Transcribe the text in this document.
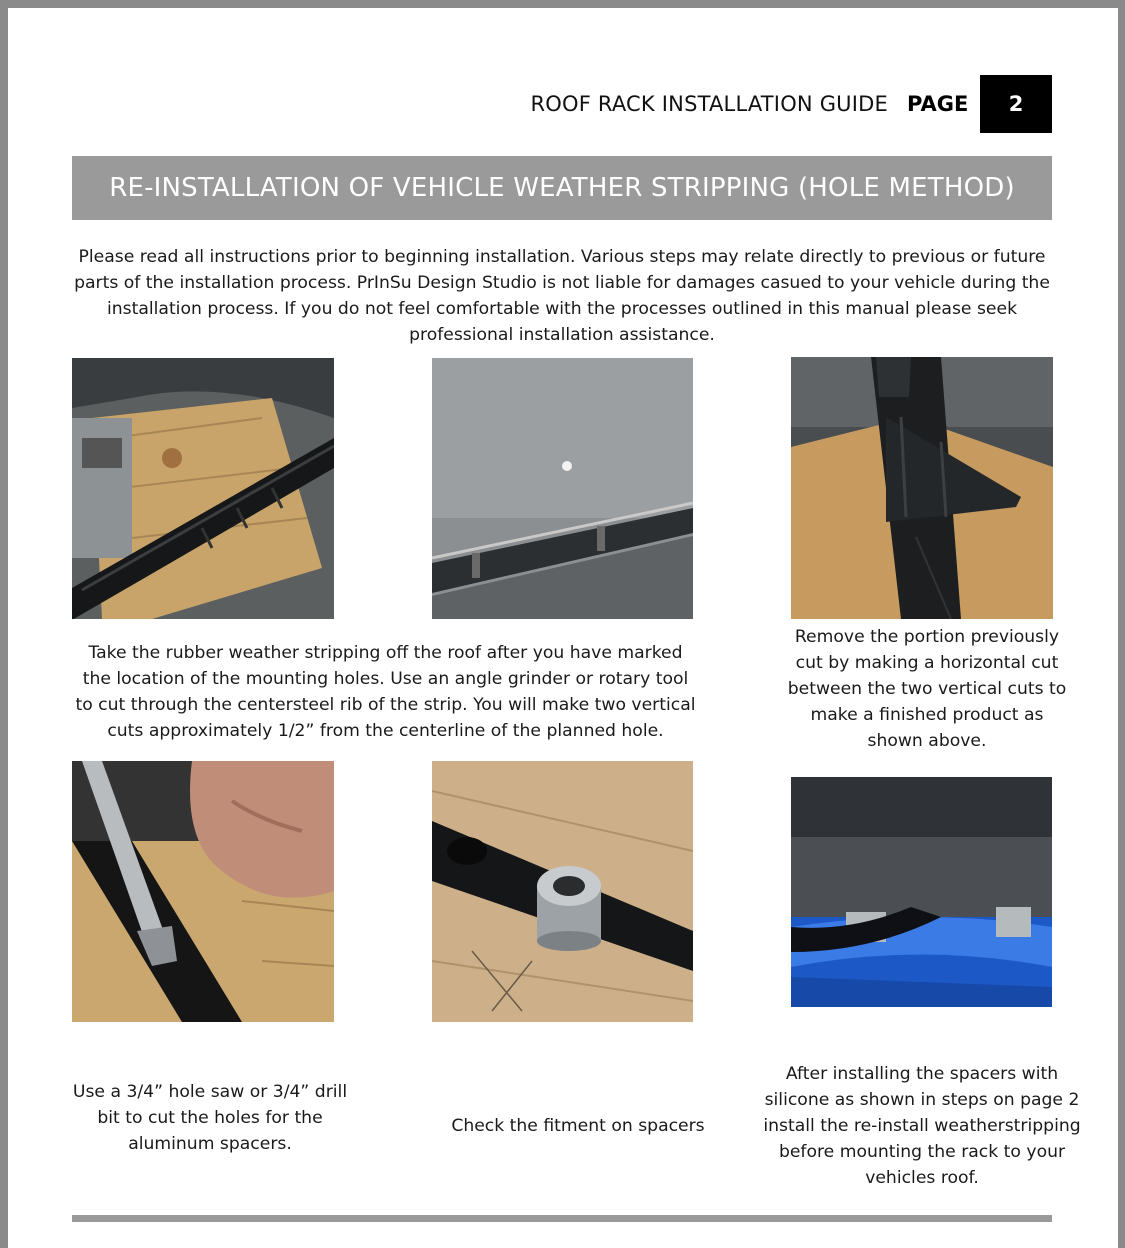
ROOF RACK INSTALLATION GUIDE PAGE	2
RE-INSTALLATION OF VEHICLE WEATHER STRIPPING (HOLE METHOD)
Please read all instructions prior to beginning installation. Various steps may relate directly to previous or future parts of the installation process. PrInSu Design Studio is not liable for damages casued to your vehicle during the installation process. If you do not feel comfortable with the processes outlined in this manual please seek professional installation assistance.
Take the rubber weather stripping off the roof after you have marked the location of the mounting holes. Use an angle grinder or rotary tool to cut through the centersteel rib of the strip. You will make two vertical cuts approximately 1/2” from the centerline of the planned hole.
Remove the portion previously cut by making a horizontal cut between the two vertical cuts to make a finished product as shown above.
Use a 3/4” hole saw or 3/4” drill bit to cut the holes for the aluminum spacers.
Check the fitment on spacers
After installing the spacers with silicone as shown in steps on page 2 install the re-install weatherstripping before mounting the rack to your vehicles roof.
